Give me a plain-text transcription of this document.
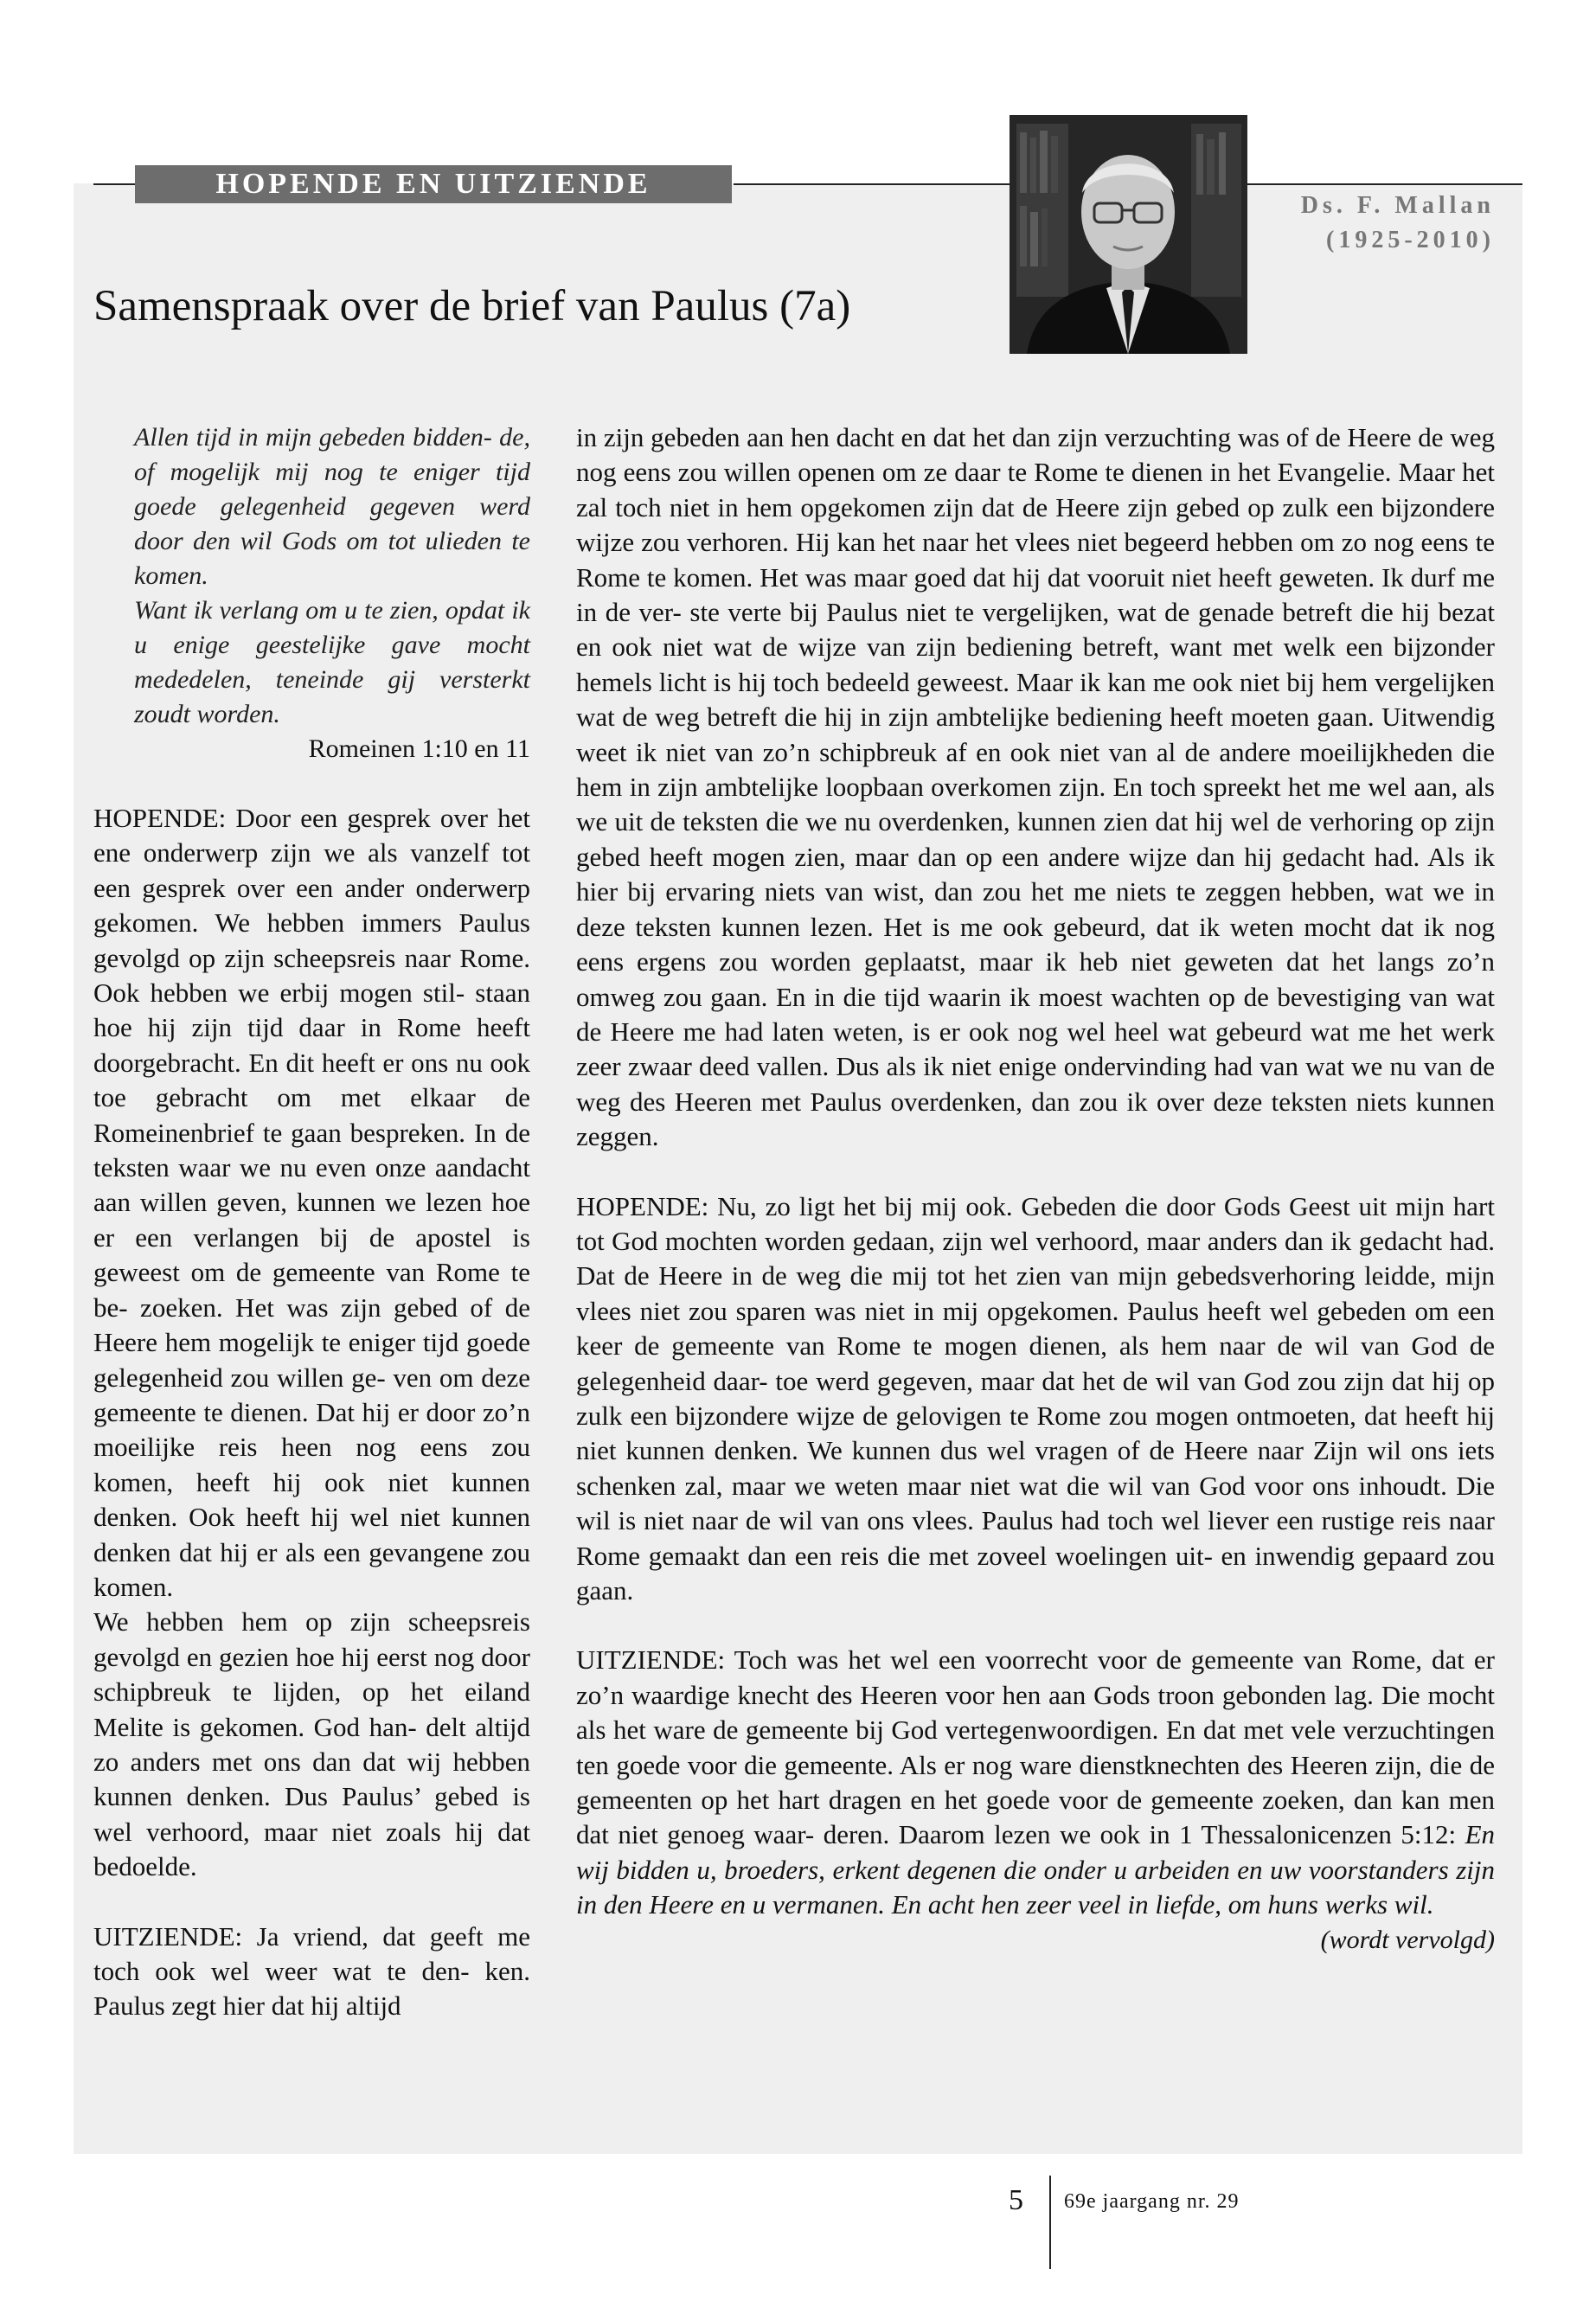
HOPENDE EN UITZIENDE
Ds. F. Mallan
(1925-2010)
Samenspraak over de brief van Paulus (7a)

Allen tijd in mijn gebeden bidden- de, of mogelijk mij nog te eniger tijd goede gelegenheid gegeven werd door den wil Gods om tot ulieden te komen.

Want ik verlang om u te zien, opdat ik u enige geestelijke gave mocht mededelen, teneinde gij versterkt zoudt worden.

Romeinen 1:10 en 11

HOPENDE: Door een gesprek over het ene onderwerp zijn we als vanzelf tot een gesprek over een ander onderwerp gekomen. We hebben immers Paulus gevolgd op zijn scheepsreis naar Rome. Ook hebben we erbij mogen stil- staan hoe hij zijn tijd daar in Rome heeft doorgebracht. En dit heeft er ons nu ook toe gebracht om met elkaar de Romeinenbrief te gaan bespreken. In de teksten waar we nu even onze aandacht aan willen geven, kunnen we lezen hoe er een verlangen bij de apostel is geweest om de gemeente van Rome te be- zoeken. Het was zijn gebed of de Heere hem mogelijk te eniger tijd goede gelegenheid zou willen ge- ven om deze gemeente te dienen. Dat hij er door zo’n moeilijke reis heen nog eens zou komen, heeft hij ook niet kunnen denken. Ook heeft hij wel niet kunnen denken dat hij er als een gevangene zou komen.

We hebben hem op zijn scheepsreis gevolgd en gezien hoe hij eerst nog door schipbreuk te lijden, op het eiland Melite is gekomen. God han- delt altijd zo anders met ons dan dat wij hebben kunnen denken. Dus Paulus’ gebed is wel verhoord, maar niet zoals hij dat bedoelde.

UITZIENDE: Ja vriend, dat geeft me toch ook wel weer wat te den- ken. Paulus zegt hier dat hij altijd

in zijn gebeden aan hen dacht en dat het dan zijn verzuchting was of de Heere de weg nog eens zou willen openen om ze daar te Rome te dienen in het Evangelie. Maar het zal toch niet in hem opgekomen zijn dat de Heere zijn gebed op zulk een bijzondere wijze zou verhoren. Hij kan het naar het vlees niet begeerd hebben om zo nog eens te Rome te komen. Het was maar goed dat hij dat vooruit niet heeft geweten. Ik durf me in de ver- ste verte bij Paulus niet te vergelijken, wat de genade betreft die hij bezat en ook niet wat de wijze van zijn bediening betreft, want met welk een bijzonder hemels licht is hij toch bedeeld geweest. Maar ik kan me ook niet bij hem vergelijken wat de weg betreft die hij in zijn ambtelijke bediening heeft moeten gaan. Uitwendig weet ik niet van zo’n schipbreuk af en ook niet van al de andere moeilijkheden die hem in zijn ambtelijke loopbaan overkomen zijn. En toch spreekt het me wel aan, als we uit de teksten die we nu overdenken, kunnen zien dat hij wel de verhoring op zijn gebed heeft mogen zien, maar dan op een andere wijze dan hij gedacht had. Als ik hier bij ervaring niets van wist, dan zou het me niets te zeggen hebben, wat we in deze teksten kunnen lezen. Het is me ook gebeurd, dat ik weten mocht dat ik nog eens ergens zou worden geplaatst, maar ik heb niet geweten dat het langs zo’n omweg zou gaan. En in die tijd waarin ik moest wachten op de bevestiging van wat de Heere me had laten weten, is er ook nog wel heel wat gebeurd wat me het werk zeer zwaar deed vallen. Dus als ik niet enige ondervinding had van wat we nu van de weg des Heeren met Paulus overdenken, dan zou ik over deze teksten niets kunnen zeggen.

HOPENDE: Nu, zo ligt het bij mij ook. Gebeden die door Gods Geest uit mijn hart tot God mochten worden gedaan, zijn wel verhoord, maar anders dan ik gedacht had. Dat de Heere in de weg die mij tot het zien van mijn gebedsverhoring leidde, mijn vlees niet zou sparen was niet in mij opgekomen. Paulus heeft wel gebeden om een keer de gemeente van Rome te mogen dienen, als hem naar de wil van God de gelegenheid daar- toe werd gegeven, maar dat het de wil van God zou zijn dat hij op zulk een bijzondere wijze de gelovigen te Rome zou mogen ontmoeten, dat heeft hij niet kunnen denken. We kunnen dus wel vragen of de Heere naar Zijn wil ons iets schenken zal, maar we weten maar niet wat die wil van God voor ons inhoudt. Die wil is niet naar de wil van ons vlees. Paulus had toch wel liever een rustige reis naar Rome gemaakt dan een reis die met zoveel woelingen uit- en inwendig gepaard zou gaan.

UITZIENDE: Toch was het wel een voorrecht voor de gemeente van Rome, dat er zo’n waardige knecht des Heeren voor hen aan Gods troon gebonden lag. Die mocht als het ware de gemeente bij God vertegenwoordigen. En dat met vele verzuchtingen ten goede voor die gemeente. Als er nog ware dienstknechten des Heeren zijn, die de gemeenten op het hart dragen en het goede voor de gemeente zoeken, dan kan men dat niet genoeg waar- deren. Daarom lezen we ook in 1 Thessalonicenzen 5:12: En wij bidden u, broeders, erkent degenen die onder u arbeiden en uw voorstanders zijn in den Heere en u vermanen. En acht hen zeer veel in liefde, om huns werks wil.

(wordt vervolgd)

5 69e jaargang nr. 29
